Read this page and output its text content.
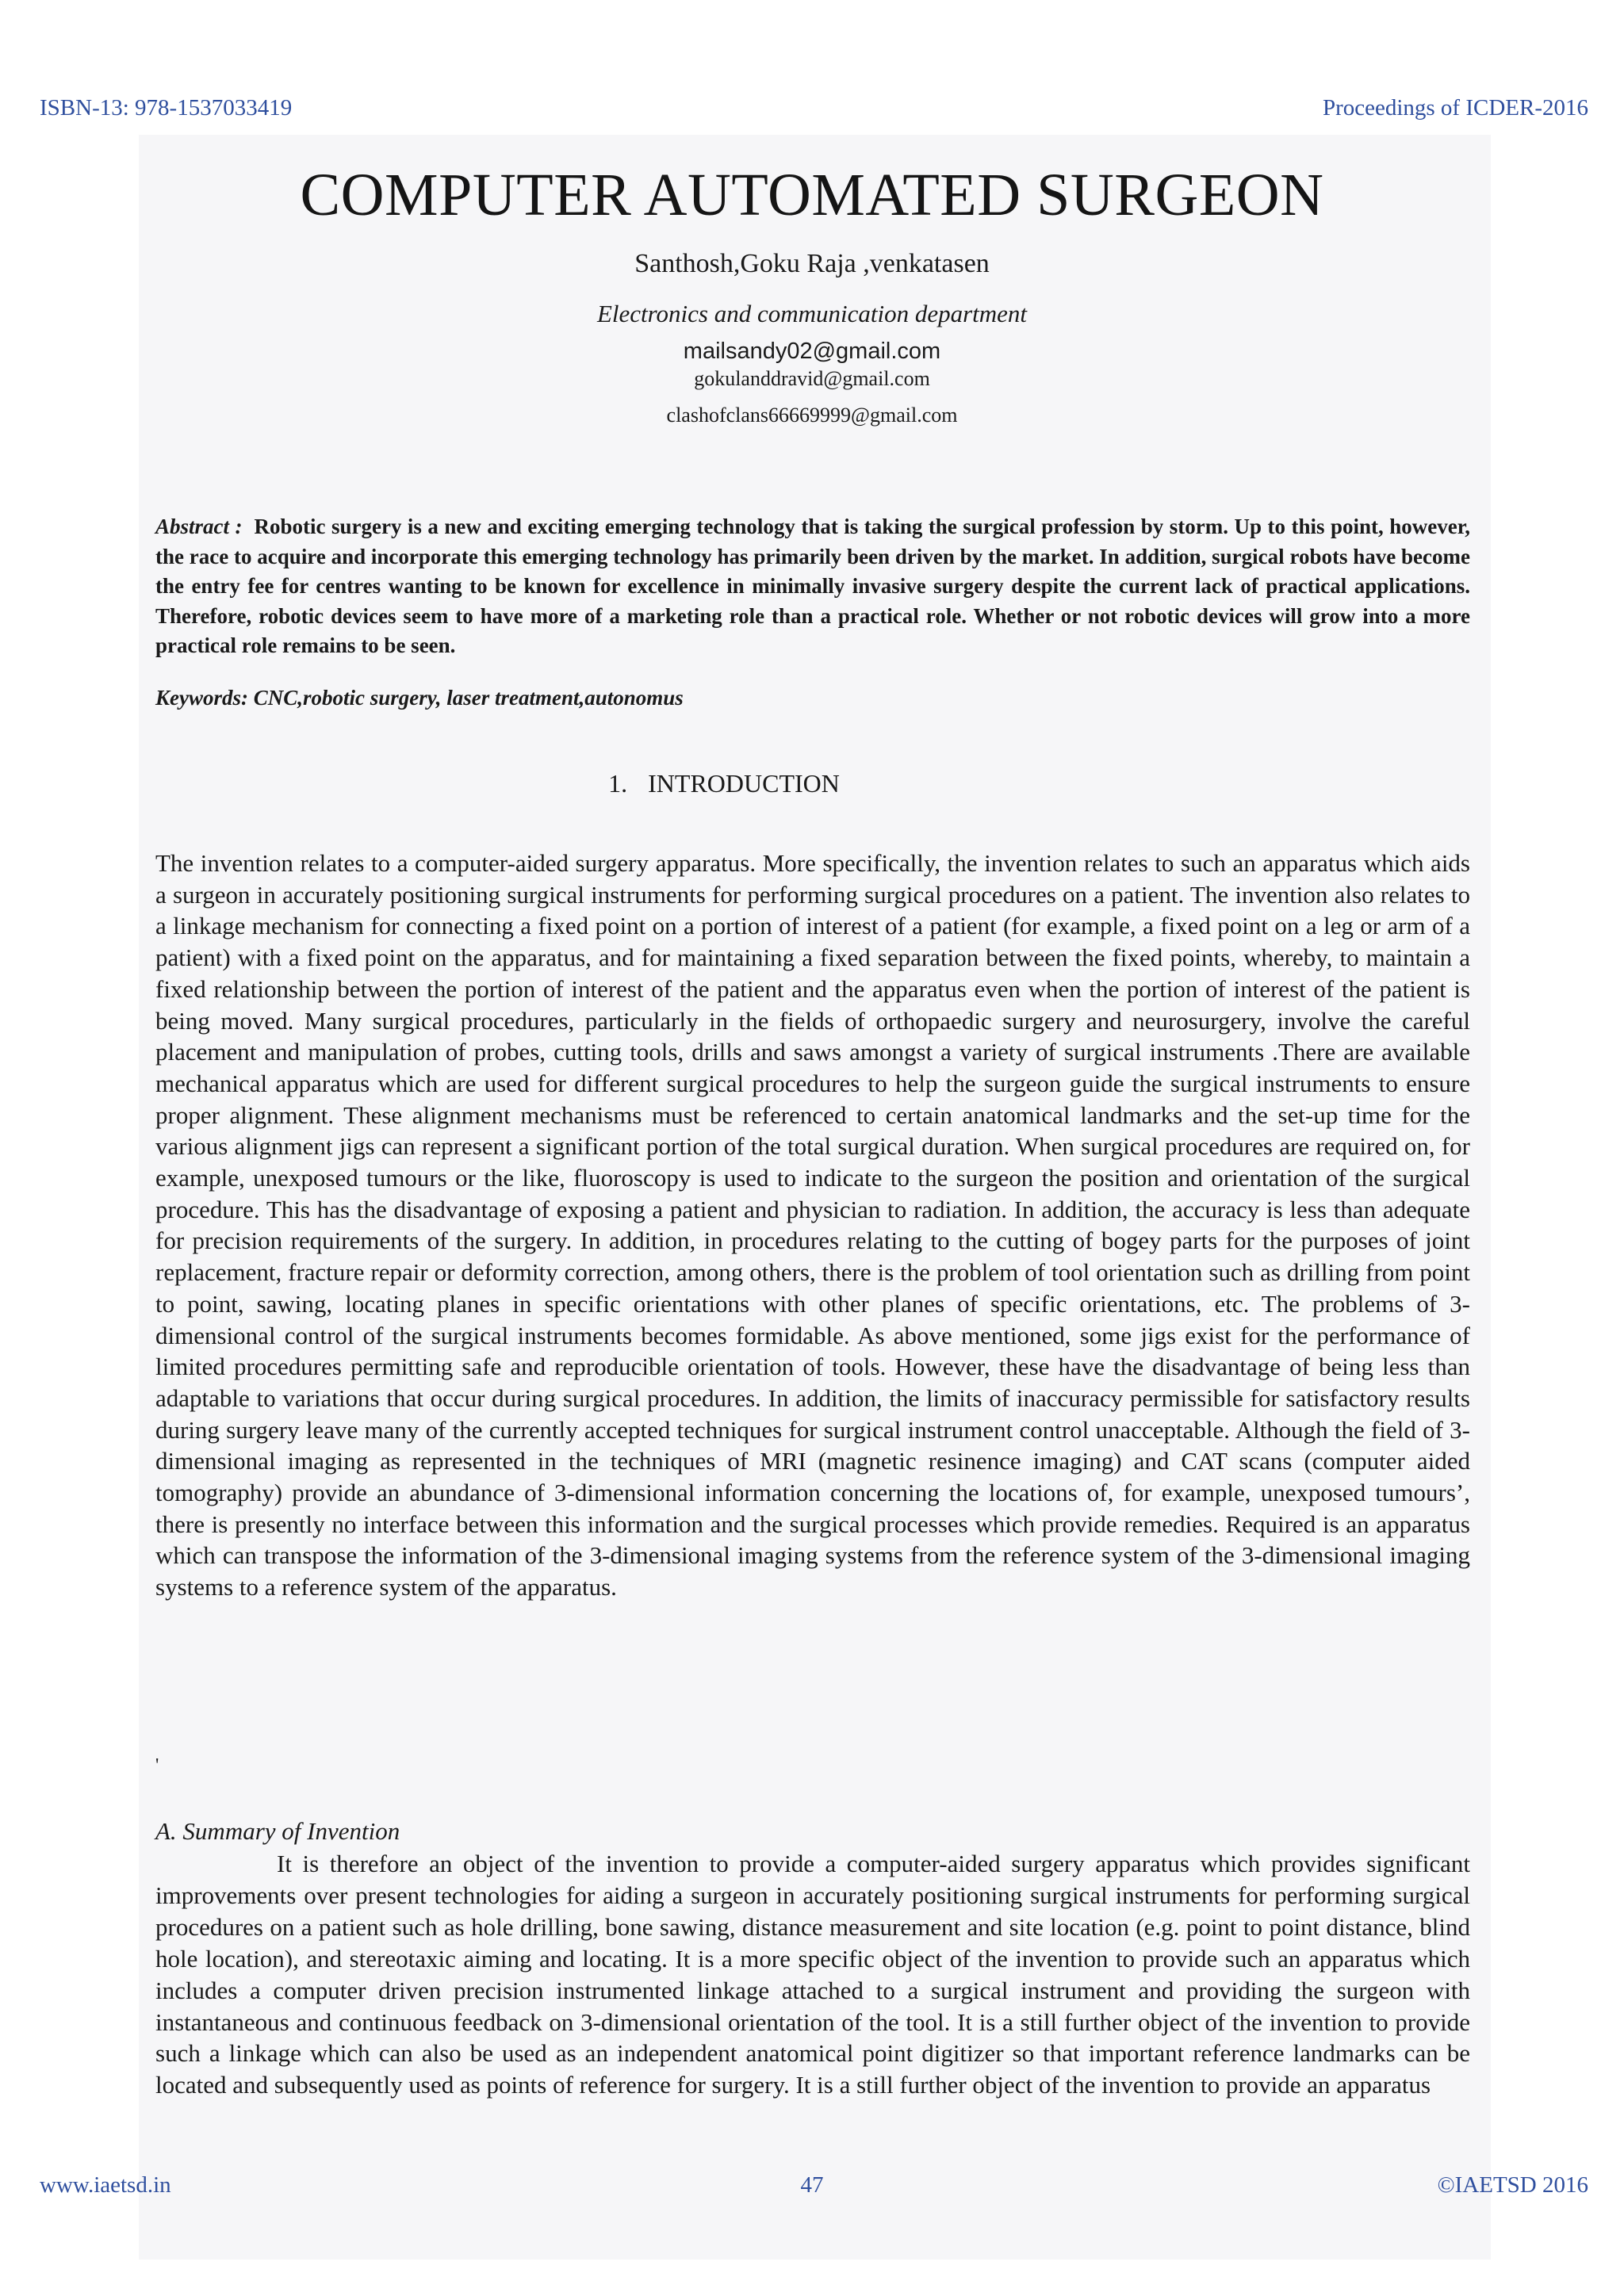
ISBN-13: 978-1537033419	Proceedings of ICDER-2016
COMPUTER AUTOMATED SURGEON
Santhosh,Goku Raja ,venkatasen
Electronics and communication department
mailsandy02@gmail.com
gokulanddravid@gmail.com
clashofclans66669999@gmail.com

Abstract : Robotic surgery is a new and exciting emerging technology that is taking the surgical profession by storm. Up to this point, however, the race to acquire and incorporate this emerging technology has primarily been driven by the market. In addition, surgical robots have become the entry fee for centres wanting to be known for excellence in minimally invasive surgery despite the current lack of practical applications. Therefore, robotic devices seem to have more of a marketing role than a practical role. Whether or not robotic devices will grow into a more practical role remains to be seen.

Keywords: CNC,robotic surgery, laser treatment,autonomus

1. INTRODUCTION

The invention relates to a computer-aided surgery apparatus. More specifically, the invention relates to such an apparatus which aids a surgeon in accurately positioning surgical instruments for performing surgical procedures on a patient. The invention also relates to a linkage mechanism for connecting a fixed point on a portion of interest of a patient (for example, a fixed point on a leg or arm of a patient) with a fixed point on the apparatus, and for maintaining a fixed separation between the fixed points, whereby, to maintain a fixed relationship between the portion of interest of the patient and the apparatus even when the portion of interest of the patient is being moved. Many surgical procedures, particularly in the fields of orthopaedic surgery and neurosurgery, involve the careful placement and manipulation of probes, cutting tools, drills and saws amongst a variety of surgical instruments .There are available mechanical apparatus which are used for different surgical procedures to help the surgeon guide the surgical instruments to ensure proper alignment. These alignment mechanisms must be referenced to certain anatomical landmarks and the set-up time for the various alignment jigs can represent a significant portion of the total surgical duration. When surgical procedures are required on, for example, unexposed tumours or the like, fluoroscopy is used to indicate to the surgeon the position and orientation of the surgical procedure. This has the disadvantage of exposing a patient and physician to radiation. In addition, the accuracy is less than adequate for precision requirements of the surgery. In addition, in procedures relating to the cutting of bogey parts for the purposes of joint replacement, fracture repair or deformity correction, among others, there is the problem of tool orientation such as drilling from point to point, sawing, locating planes in specific orientations with other planes of specific orientations, etc. The problems of 3-dimensional control of the surgical instruments becomes formidable. As above mentioned, some jigs exist for the performance of limited procedures permitting safe and reproducible orientation of tools. However, these have the disadvantage of being less than adaptable to variations that occur during surgical procedures. In addition, the limits of inaccuracy permissible for satisfactory results during surgery leave many of the currently accepted techniques for surgical instrument control unacceptable. Although the field of 3-dimensional imaging as represented in the techniques of MRI (magnetic resinence imaging) and CAT scans (computer aided tomography) provide an abundance of 3-dimensional information concerning the locations of, for example, unexposed tumours’, there is presently no interface between this information and the surgical processes which provide remedies. Required is an apparatus which can transpose the information of the 3-dimensional imaging systems from the reference system of the 3-dimensional imaging systems to a reference system of the apparatus.

'
A. Summary of Invention

It is therefore an object of the invention to provide a computer-aided surgery apparatus which provides significant improvements over present technologies for aiding a surgeon in accurately positioning surgical instruments for performing surgical procedures on a patient such as hole drilling, bone sawing, distance measurement and site location (e.g. point to point distance, blind hole location), and stereotaxic aiming and locating. It is a more specific object of the invention to provide such an apparatus which includes a computer driven precision instrumented linkage attached to a surgical instrument and providing the surgeon with instantaneous and continuous feedback on 3-dimensional orientation of the tool. It is a still further object of the invention to provide such a linkage which can also be used as an independent anatomical point digitizer so that important reference landmarks can be located and subsequently used as points of reference for surgery. It is a still further object of the invention to provide an apparatus

www.iaetsd.in	47	©IAETSD 2016
